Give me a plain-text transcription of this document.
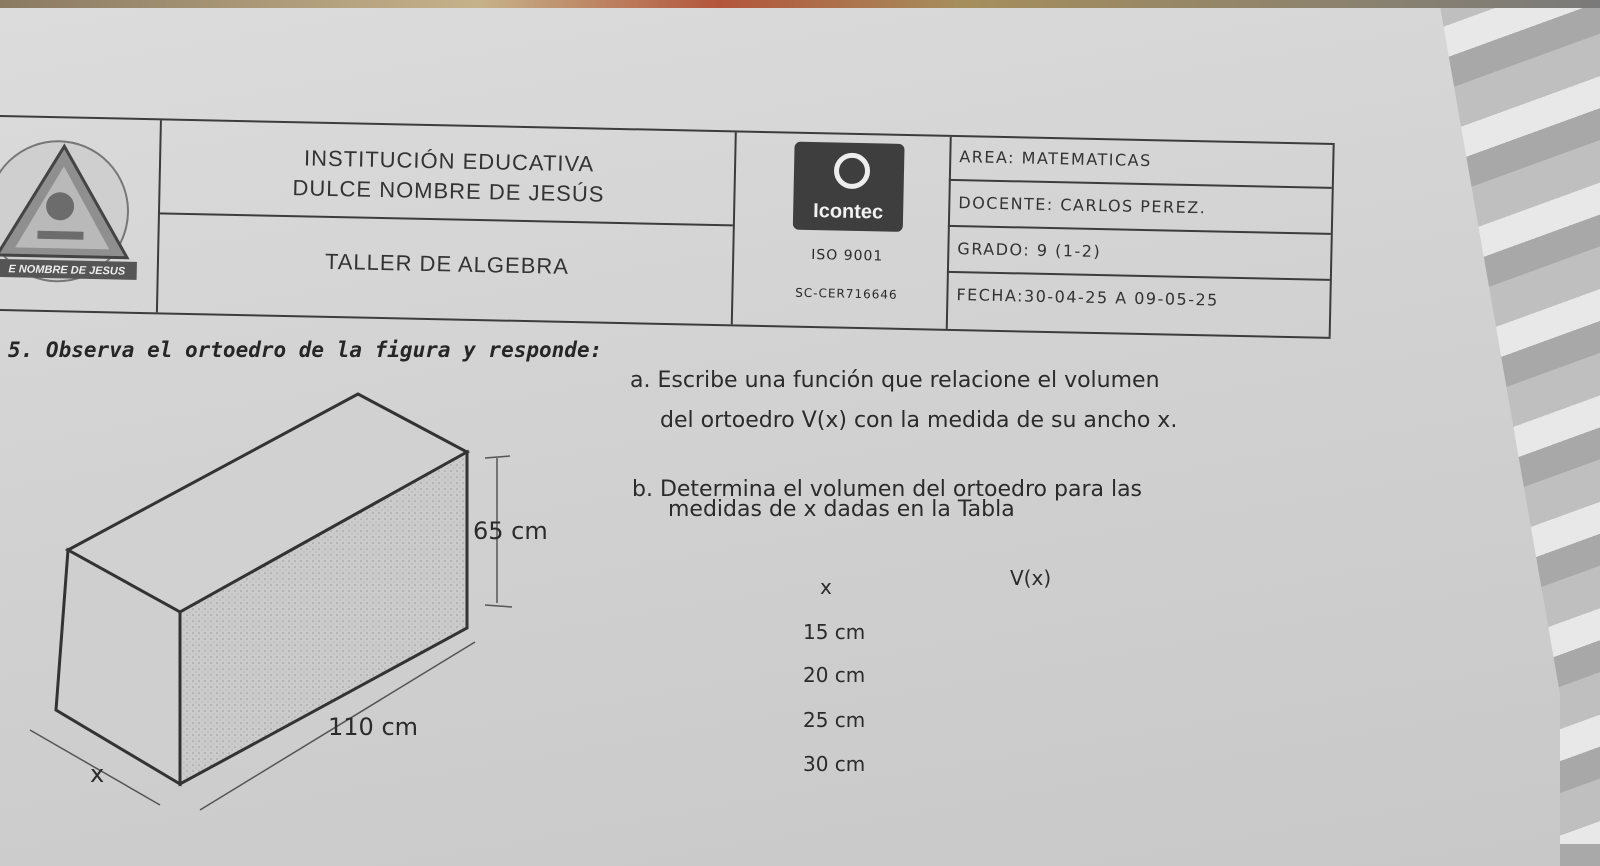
E NOMBRE DE JESUS
INSTITUCIÓN EDUCATIVA
DULCE NOMBRE DE JESÚS
TALLER DE ALGEBRA
Icontec
ISO 9001
SC-CER716646
AREA: MATEMATICAS
DOCENTE: CARLOS PEREZ.
GRADO: 9 (1-2)
FECHA:30-04-25 A 09-05-25
5. Observa el ortoedro de la figura y responde:
a. Escribe una función que relacione el volumen
del ortoedro V(x) con la medida de su ancho x.
b. Determina el volumen del ortoedro para las
medidas de x dadas en la Tabla
x	V(x)
15 cm
20 cm
25 cm
30 cm
65 cm
110 cm
x
